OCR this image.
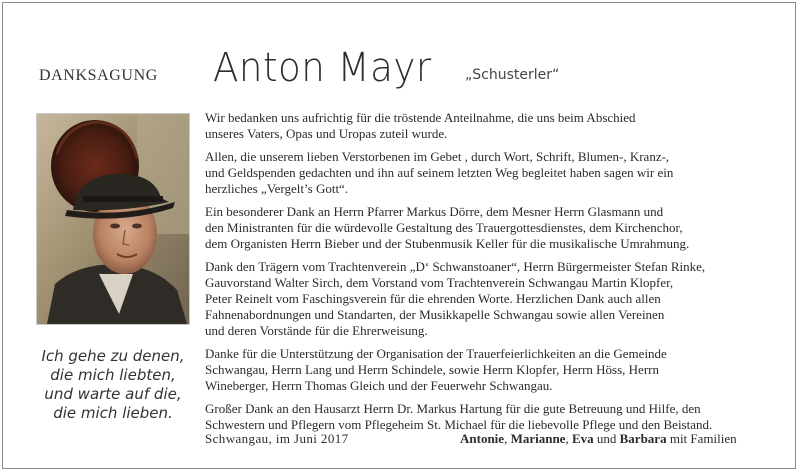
DANKSAGUNG Anton Mayr „Schusterler“
Ich gehe zu denen,
die mich liebten,
und warte auf die,
die mich lieben.
Wir bedanken uns aufrichtig für die tröstende Anteilnahme, die uns beim Abschied
unseres Vaters, Opas und Uropas zuteil wurde.
Allen, die unserem lieben Verstorbenen im Gebet , durch Wort, Schrift, Blumen-, Kranz-,
und Geldspenden gedachten und ihn auf seinem letzten Weg begleitet haben sagen wir ein
herzliches „Vergelt’s Gott“.
Ein besonderer Dank an Herrn Pfarrer Markus Dörre, dem Mesner Herrn Glasmann und
den Ministranten für die würdevolle Gestaltung des Trauergottesdienstes, dem Kirchenchor,
dem Organisten Herrn Bieber und der Stubenmusik Keller für die musikalische Umrahmung.
Dank den Trägern vom Trachtenverein „D‘ Schwanstoaner“, Herrn Bürgermeister Stefan Rinke,
Gauvorstand Walter Sirch, dem Vorstand vom Trachtenverein Schwangau Martin Klopfer,
Peter Reinelt vom Faschingsverein für die ehrenden Worte. Herzlichen Dank auch allen
Fahnenabordnungen und Standarten, der Musikkapelle Schwangau sowie allen Vereinen
und deren Vorstände für die Ehrerweisung.
Danke für die Unterstützung der Organisation der Trauerfeierlichkeiten an die Gemeinde
Schwangau, Herrn Lang und Herrn Schindele, sowie Herrn Klopfer, Herrn Höss, Herrn
Wineberger, Herrn Thomas Gleich und der Feuerwehr Schwangau.
Großer Dank an den Hausarzt Herrn Dr. Markus Hartung für die gute Betreuung und Hilfe, den
Schwestern und Pflegern vom Pflegeheim St. Michael für die liebevolle Pflege und den Beistand.
Schwangau, im Juni 2017	Antonie, Marianne, Eva und Barbara mit Familien
